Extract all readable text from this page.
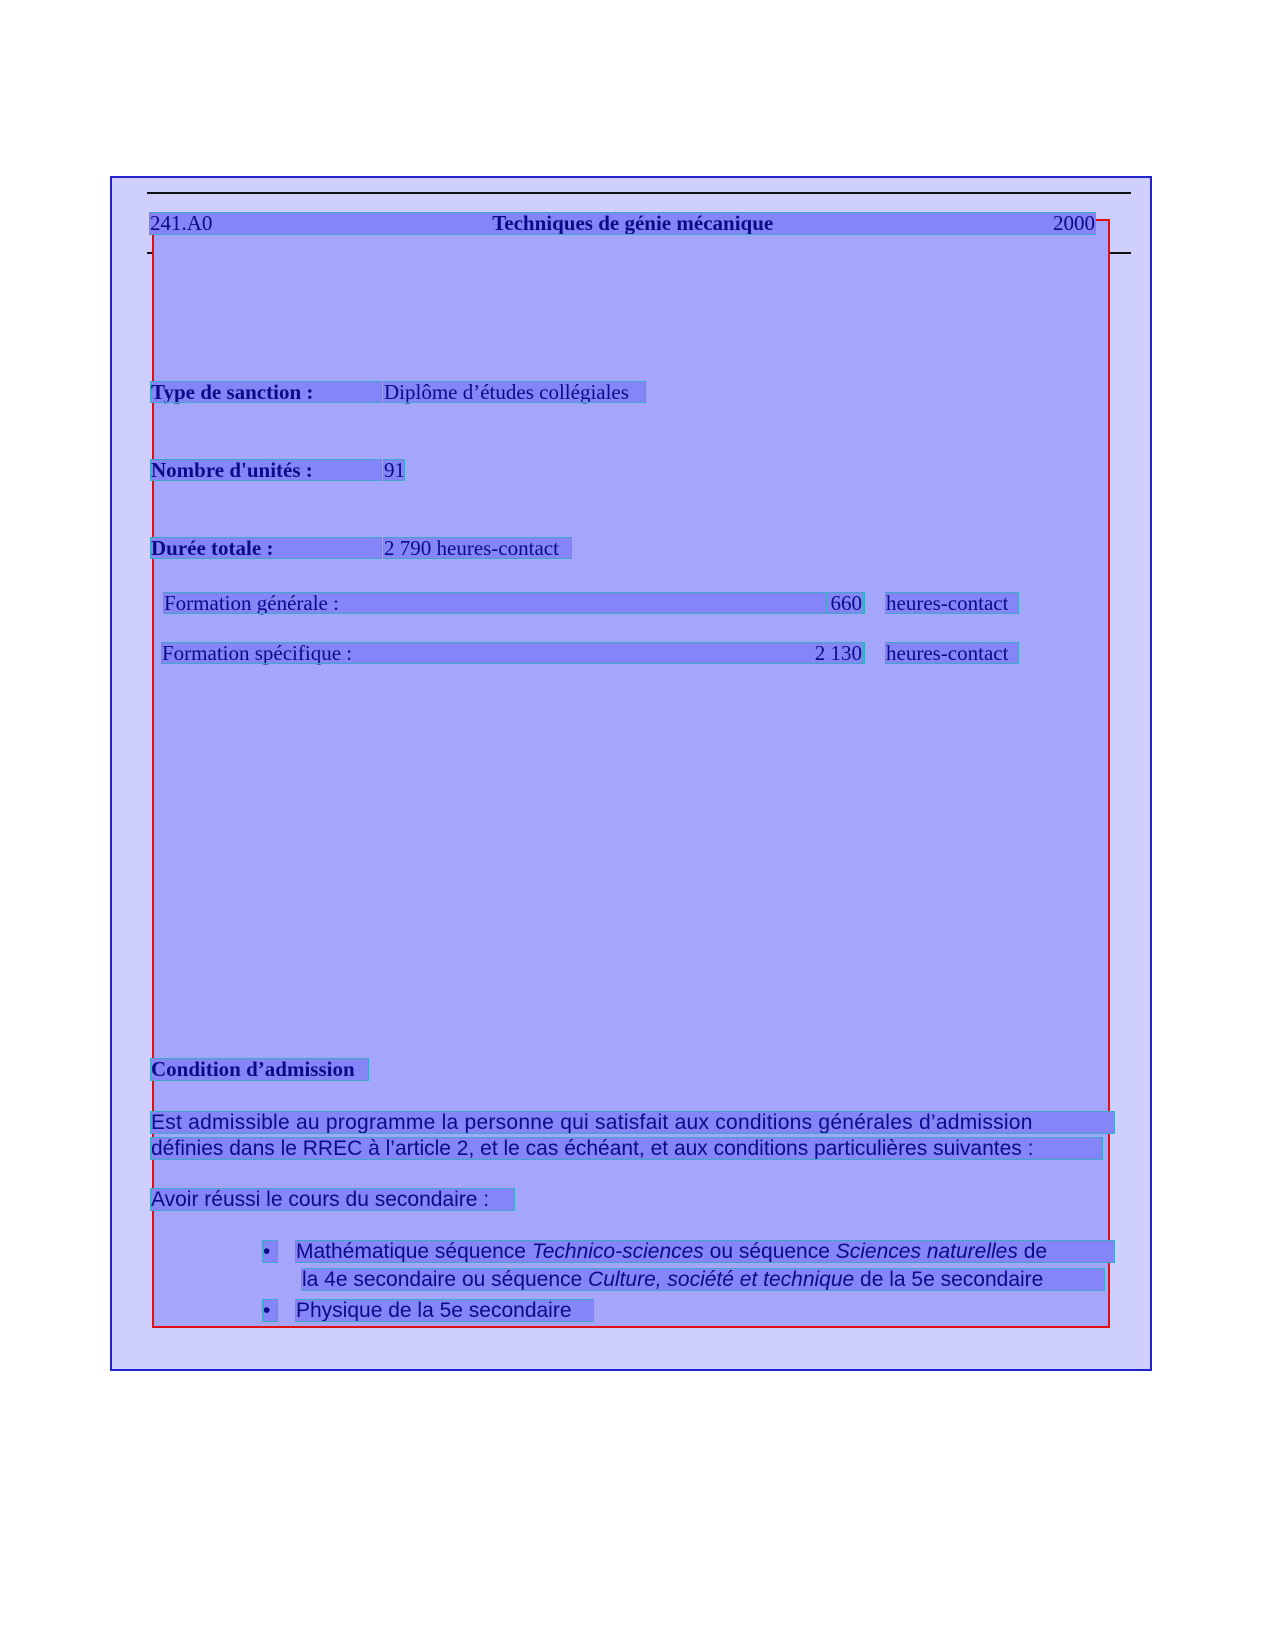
241.A0	Techniques de génie mécanique	2000
Type de sanction :	Diplôme d’études collégiales
Nombre d'unités :	91
Durée totale :	2 790 heures-contact
Formation générale :	660 heures-contact
Formation spécifique :	2 130 heures-contact
Condition d’admission
Est admissible au programme la personne qui satisfait aux conditions générales d’admission
définies dans le RREC à l’article 2, et le cas échéant, et aux conditions particulières suivantes :
Avoir réussi le cours du secondaire :
•	Mathématique séquence Technico-sciences ou séquence Sciences naturelles de
la 4e secondaire ou séquence Culture, société et technique de la 5e secondaire
•	Physique de la 5e secondaire
